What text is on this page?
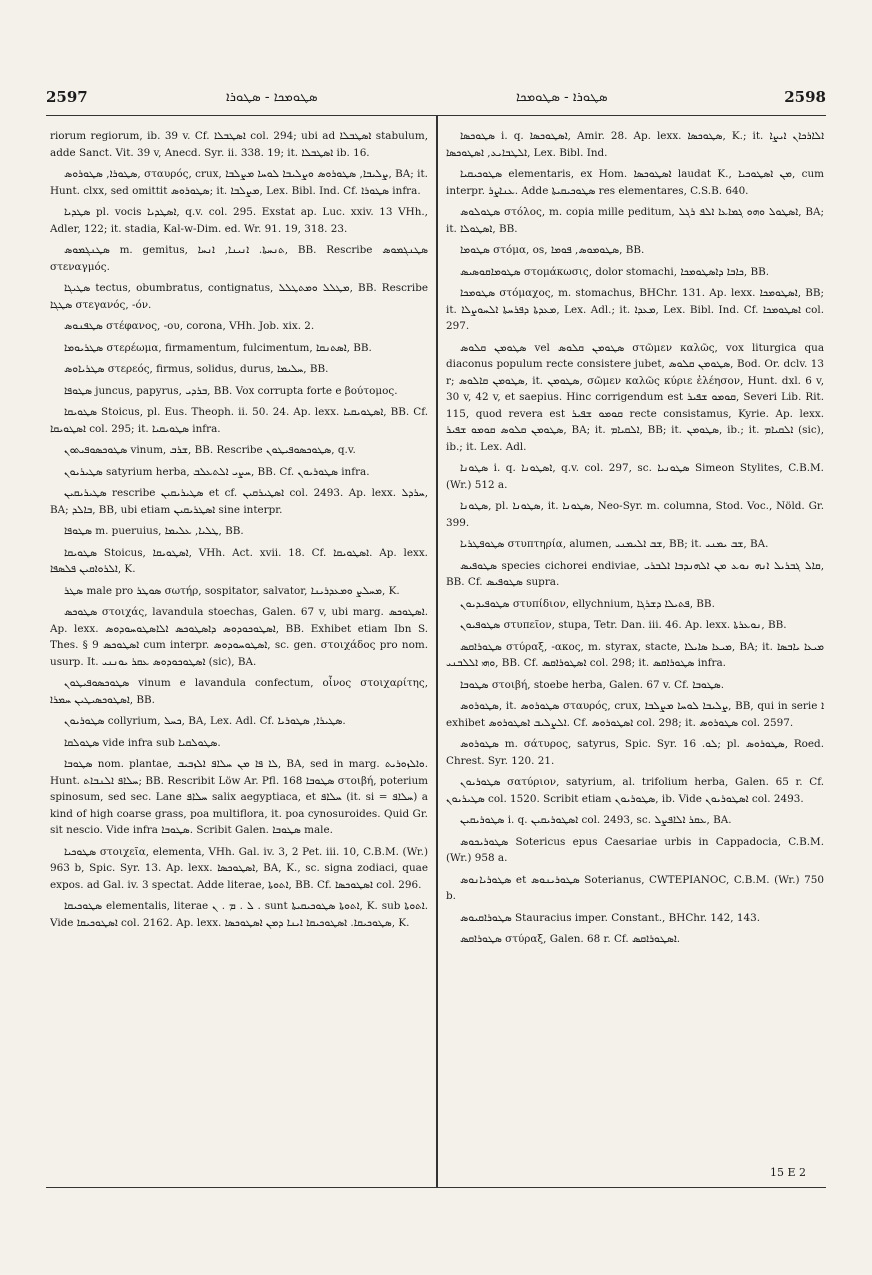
2597	ܣܛܘܡܟܐ - ܣܛܘܪܐ	ܣܛܘܪܐ - ܣܛܘܡܟܐ	2598

riorum regiorum, ib. 39 v. Cf. ܐܣܛܒܠܐ col. 294; ubi ad ܐܣܛܒܠܐ stabulum, adde Sanct. Vit. 39 v, Anecd. Syr. ii. 338. 19; it. ܐܣܛܒܠܐ ib. 16.

ܣܛܘܪܐ, ܣܛܘܪܘܣ, σταυρός, crux, ܨܠܝܒܐ, ܣܛܘܪܘܣ ܘܨܠܝܒܐ ܠܘܚܐ ܡܨܠܒܐ, BA; it. Hunt. clxx, sed omittit ܣܛܘܪܘܣ; it. ܡܨܠܒܐ, Lex. Bibl. Ind. Cf. ܣܛܘܪܐ infra.

ܣܛܕܝܐ pl. vocis ܐܣܛܕܝܐ, q.v. col. 295. Exstat ap. Luc. xxiv. 13 VHh., Adler, 122; it. stadia, Kal-w-Dim. ed. Wr. 91. 19, 318. 23.

ܣܛܢܓܡܘܣ m. gemitus, ܬܢܚܬܐ. ܐܢܝܢܐ, ܐܢܚܐ, BB. Rescribe ܣܛܢܓܡܘܣ στεναγμός.

ܣܛܝܓܐ tectus, obumbratus, contignatus, ܡܛܠܠ ܘܡܬܛܠܠ, BB. Rescribe ܣܛܓܐ στεγανός, -όν.

ܣܛܦܢܘܣ στέφανος, -ου, corona, VHh. Job. xix. 2.

ܣܛܪܝܘܡܐ στερέωμα, firmamentum, fulcimentum, ܐܣܬܢܩܐ, BB.

ܣܛܪܝܐܘܣ στερεός, firmus, solidus, durus, ܚܠܝܡܐ, BB.

ܣܛܘܦܐ juncus, papyrus, ܒܪܕܝ, BB. Vox corrupta forte e βούτομος.

ܣܛܘܝܩܐ Stoicus, pl. Eus. Theoph. ii. 50. 24. Ap. lexx. ܐܣܛܘܝܩܝܐ, BB. Cf. ܐܣܛܘܝܩܐ col. 295; it. ܣܛܘܝܩܝܐ infra.

ܣܛܘܟܣܘܦܝܬܘܢ vinum, ܫܪܒ, BB. Rescribe ܣܛܘܟܣܘܦܝܛܘܢ, q.v.

ܣܛܝܪܝܘܢ satyrium herba, ܚܨܝ ܐܠܬܥܠܒ, BB. Cf. ܣܛܘܪܝܘܢ infra.

ܣܛܝܪܝܩܝܢ rescribe ܣܛܝܪܝܩܝܢ et cf. ܐܣܛܝܪܩܝܢ col. 2493. Ap. lexx. ܚܪܕܠ, BA; ܒܐܠܕ, BB, ubi etiam ܐܣܛܪܝܩܝܢ sine interpr.

ܣܛܘܦܐ m. pueruius, ܛܠܝܐ, ܥܠܝܡܐ, BB.

ܣܛܘܝܩܐ Stoicus, ܐܣܛܘܝܩܐ, VHh. Act. xvii. 18. Cf. ܐܣܛܘܝܩܐ. Ap. lexx. ܐܠܪܘܐܩܝܢ ܦܠܣܦܐ, K.

ܣܛܪ male pro ܣܘܛܪ σωτήρ, sospitator, salvator, ܡܚܠܨ ܘܡܥܕܪܝܢܐ, K.

ܣܛܘܟܣ στοιχάς, lavandula stoechas, Galen. 67 v, ubi marg. ܐܣܛܘܟܣ. Ap. lexx. ܐܣܛܘܟܘܕܘܣ ܕܐܣܛܘܟܣ ܐܠܐܣܛܘܚܘܕܘܣ, BB. Exhibet etiam Ibn S. Thes. § 9 ܐܣܛܘܟܣ cum interpr. ܐܣܛܘܚܘܕܘܣ, sc. gen. στοιχάδος pro nom. usurp. It. ܐܣܛܘܟܘܕܘܣ ܥܩܪ ܝܘܢܢܝ (sic), BA.

ܣܛܘܟܣܘܦܝܛܘܢ vinum e lavandula confectum, οἶνος στοιχαρίτης, ܐܣܛܘܟܣܝܛܝܢ ܚܡܪܐ, BB.

ܣܛܘܪܝܘܢ collyrium, ܟܚܠ, BA, Lex. Adl. Cf. ܣܛܝܪܐ, ܣܛܘܪܝܐ.

ܣܛܘܠܩܐ vide infra sub ܣܛܘܠܩܝܐ.

ܣܛܘܒܐ nom. plantae, ܠܐ ܦܐ ܡܢ ܚܠܐܦ ܐܠܙܒܝܒ, BA, sed in marg. ܘܐܠܙܘܪܝܬ. Hunt. ܚܠܐܦ ܐܠܢܒܐܬ; BB. Rescribit Löw Ar. Pfl. 168 ܣܛܘܒܐ στοιβή, poterium spinosum, sed sec. Lane ܚܠܐܦ salix aegyptiaca, et ܚܠܐܦ (it. si = ܚܠܐܦ) a kind of high coarse grass, poa multiflora, it. poa cynosuroides. Quid Gr. sit nescio. Vide infra ܣܛܘܒܐ. Scribit Galen. ܣܛܘܒܐ male.

ܣܛܘܟܝܐ στοιχεῖα, elementa, VHh. Gal. iv. 3, 2 Pet. iii. 10, C.B.M. (Wr.) 963 b, Spic. Syr. 13. Ap. lexx. ܐܣܛܘܟܣܐ, BA, K., sc. signa zodiaci, quae expos. ad Gal. iv. 3 spectat. Adde literae, ܐܬܘܬܐ, BB. Cf. ܐܣܛܘܟܣܐ col. 296.

ܣܛܘܟܝܩܐ elementalis, literae ܠ . ܡ . ܢ . sunt ܐܬܘܬܐ ܣܛܘܟܝܩܝܬܐ, K. sub ܐܬܘܬܐ. Vide ܐܣܛܘܟܝܩܐ col. 2162. Ap. lexx. ܣܛܘܟܝܩܐ. ܐܣܛܘܟܝܩܐ ܐܝܢܐ ܕܡܢ ܐܣܛܘܟܣܐ, K.

ܣܛܘܟܣܐ i. q. ܐܣܛܘܟܣܐ, Amir. 28. Ap. lexx. ܣܛܘܟܣܐ, K.; it. ܐܠܐܪܟܐܢ ܐܝܨܐ ܐܠܛܒܐܝܥ, ܐܣܛܘܟܣܐ, Lex. Bibl. Ind.

ܣܛܘܟܝܩܝܐ elementaris, ex Hom. ܐܣܛܘܟܣܐ laudat K., ܡܢ ܐܣܛܘܟܝܐ, cum interpr. ܥܢܐܨܪ. Adde ܣܛܘܟܝܩܝܬܐ res elementares, C.S.B. 640.

ܣܛܘܠܘܣ στόλος, m. copia mille peditum, ܐܣܛܘܠ ܘܗܘ ܓܡܐܥܐ ܐܠܦ ܪܓܠ, BA; it. ܐܣܛܘܠܐ, BB.

ܣܛܘܡܐ στόμα, os, ܣܛܘܡܘܣ, ܦܘܡܐ, BB.

ܣܛܘܡܐܩܘܣܝܣ στομάκωσις, dolor stomachi, ܟܐܒܐ ܕܐܣܛܘܡܟܐ, BB.

ܣܛܘܡܟܐ στόμαχος, m. stomachus, BHChr. 131. Ap. lexx. ܐܣܛܘܡܟܐ, BB; it. ܡܥܕܬܐ ܕܦܪܚܬܐ ܐܠܚܘܨܠܐ, Lex. Adl.; it. ܡܥܕܐ, Lex. Bibl. Ind. Cf. ܐܣܛܘܡܟܐ col. 297.

ܣܛܘܡܢ ܩܠܘܣ vel ܣܛܘܡܢ ܩܠܘܣ στῶμεν καλῶς, vox liturgica qua diaconus populum recte consistere jubet, ܣܛܘܡܢ ܩܠܘܣ, Bod. Or. dclv. 13 r; ܣܛܘܡܢ ܩܐܠܘܣ, it. ܣܛܘܡܢ, σῶμεν καλῶς κύριε ἐλέησον, Hunt. dxl. 6 v, 30 v, 42 v, et saepius. Hinc corrigendum est ܩܘܡܘ ܫܦܝܪ, Severi Lib. Rit. 115, quod revera est ܩܘܡܘ ܫܦܝܪ recte consistamus, Kyrie. Ap. lexx. ܣܛܘܡܢ ܩܠܘܣ ܩܘܡܘ ܫܦܝܪ, BA; it. ܐܠܩܝܐܡ, BB; it. ܣܛܘܡܢ, ib.; it. ܐܠܩܝܐܡ (sic), ib.; it. Lex. Adl.

ܣܛܘܢܐ i. q. ܐܣܛܘܢܐ, q.v. col. 297, sc. ܣܛܘܢܝܐ Simeon Stylites, C.B.M. (Wr.) 512 a.

ܣܛܘܢܐ, pl. ܣܛܘܢܐ, it. ܣܛܘܢܐ, Neo-Syr. m. columna, Stod. Voc., Nöld. Gr. 399.

ܣܛܘܦܛܪܝܐ στυπτηρία, alumen, ܫܒ ܐܠܝܡܢܝ, BB; it. ܫܒ ܝܡܢܝ, BA.

ܣܛܘܦܝܣ species cichorei endiviae, ܩܐܠ ܓܒܪܝܠ ܐܢܗ ܢܘܥ ܡܢ ܐܠܗܢܕܒܐ ܐܠܒܪܝ, BB. Cf. ܣܛܘܦܝܣ supra.

ܣܛܘܦܝܕܝܘܢ στυπίδιον, ellychnium, ܦܬܝܠܐ ܕܫܪܓܐ, BB.

ܣܛܘܦܝܘܢ στυπεῖον, stupa, Tetr. Dan. iii. 46. Ap. lexx. ܢܘܥܪܬܐ, BB.

ܣܛܘܪܐܩܣ στύραξ, -ακος, m. styrax, stacte, ܡܝܥܐ ܣܐܝܠܐ, BA; it. ܡܝܥܐ ܝܐܒܣܐ ܘܗܝ ܐܠܠܒܢܝ, BB. Cf. ܐܣܛܘܪܐܩܣ col. 298; it. ܣܛܘܪܐܩܣ infra.

ܣܛܘܒܐ στοιβή, stoebe herba, Galen. 67 v. Cf. ܣܛܘܒܐ.

ܣܛܘܪܘܣ, it. ܣܛܘܪܘܣ σταυρός, crux, ܨܠܝܒܐ ܠܘܚܐ ܡܨܠܒܐ, BB, qui in serie ܐ exhibet ܐܠܨܠܝܒ ܐܣܛܘܪܘܣ. Cf. ܐܣܛܘܪܘܣ col. 298; it. ܣܛܘܪܘܣ col. 2597.

ܣܛܘܪܘܣ m. σάτυρος, satyrus, Spic. Syr. ܠܘ. 16; pl. ܣܛܘܪܘܣ, Roed. Chrest. Syr. 120. 21.

ܣܛܘܪܝܘܢ σατύριον, satyrium, al. trifolium herba, Galen. 65 r. Cf. ܣܛܝܪܝܘܢ col. 1520. Scribit etiam ܣܛܘܪܝܘܢ, ib. Vide ܐܣܛܘܪܝܘܢ col. 2493.

ܣܛܘܪܝܩܝܢ i. q. ܐܣܛܘܪܝܩܝܢ col. 2493, sc. ܥܩܪ ܐܠܐܦܨܠ, BA.

ܣܛܘܪܝܟܘܣ Sotericus epus Caesariae urbis in Cappadocia, C.B.M. (Wr.) 958 a.

ܣܛܘܪܝܐܢܘܣ et ܣܛܘܪܝܢܘܣ Soterianus, CWTEPIANOC, C.B.M. (Wr.) 750 b.

ܣܛܘܪܐܩܝܘܣ Stauracius imper. Constant., BHChr. 142, 143.

ܣܛܘܪܐܩܣ στύραξ, Galen. 68 r. Cf. ܐܣܛܘܪܐܩܣ.

15 E 2
